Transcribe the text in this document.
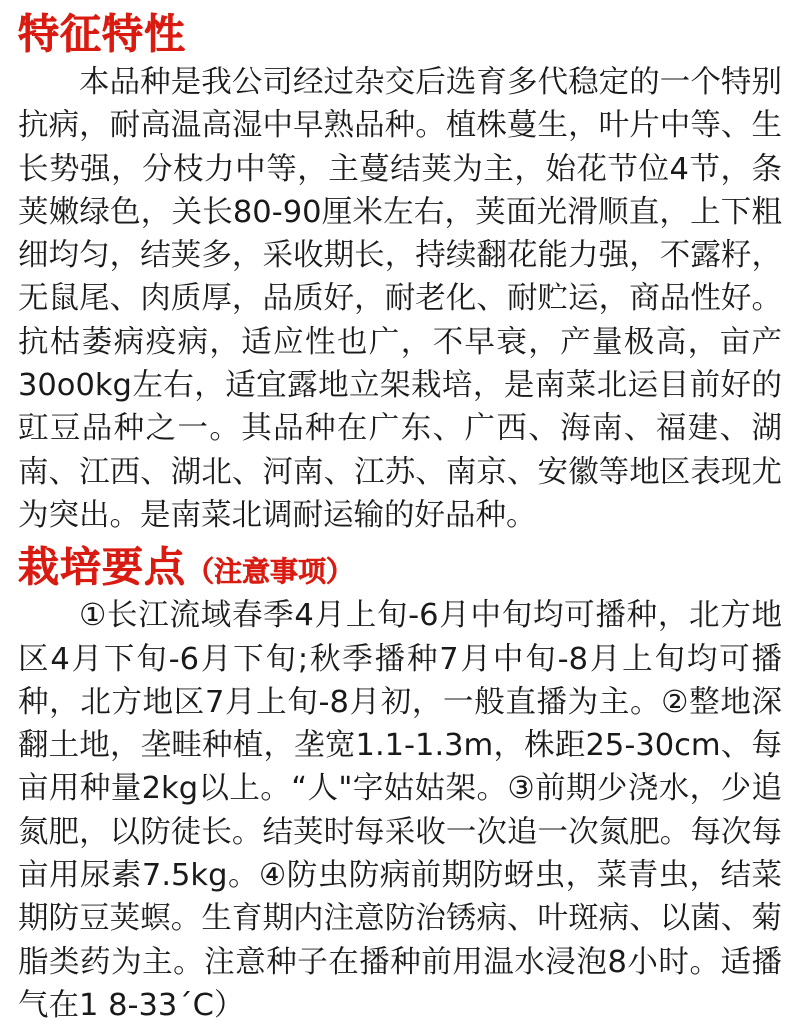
特征特性

本品种是我公司经过杂交后选育多代稳定的一个特别抗病，耐高温高湿中早熟品种。植株蔓生，叶片中等、生长势强，分枝力中等，主蔓结荚为主，始花节位4节，条荚嫩绿色，关长80-90厘米左右，荚面光滑顺直，上下粗细均匀，结荚多，采收期长，持续翻花能力强，不露籽，无鼠尾、肉质厚，品质好，耐老化、耐贮运，商品性好。抗枯萎病疫病，适应性也广，不早衰，产量极高，亩产30o0kg左右，适宜露地立架栽培，是南菜北运目前好的豇豆品种之一。其品种在广东、广西、海南、福建、湖南、江西、湖北、河南、江苏、南京、安徽等地区表现尤为突出。是南菜北调耐运输的好品种。

栽培要点（注意事项）

①长江流域春季4月上旬-6月中旬均可播种，北方地区4月下旬-6月下旬;秋季播种7月中旬-8月上旬均可播种，北方地区7月上旬-8月初，一般直播为主。②整地深翻土地，垄畦种植，垄宽1.1-1.3m，株距25-30cm、每亩用种量2kg以上。“人"字姑姑架。③前期少浇水，少追氮肥，以防徒长。结荚时每采收一次追一次氮肥。每次每亩用尿素7.5kg。④防虫防病前期防蚜虫，菜青虫，结菜期防豆荚螟。生育期内注意防治锈病、叶斑病、以菌、菊脂类药为主。注意种子在播种前用温水浸泡8小时。适播气在1 8-33´C）
